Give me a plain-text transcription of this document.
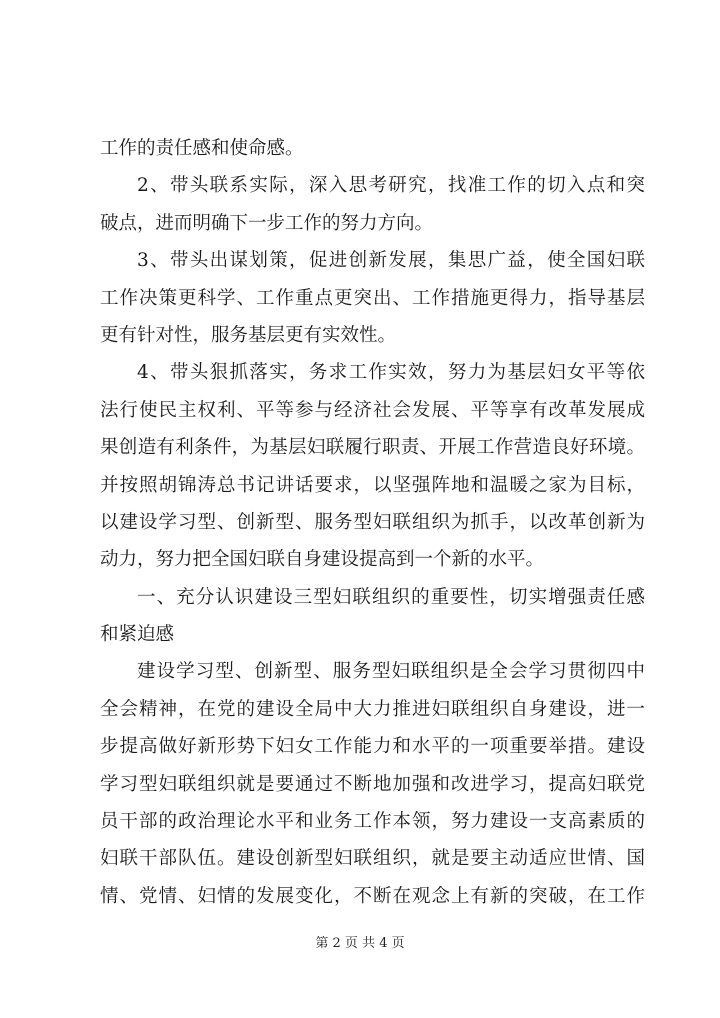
工作的责任感和使命感。
2、带头联系实际，深入思考研究，找准工作的切入点和突
破点，进而明确下一步工作的努力方向。
3、带头出谋划策，促进创新发展，集思广益，使全国妇联
工作决策更科学、工作重点更突出、工作措施更得力，指导基层
更有针对性，服务基层更有实效性。
4、带头狠抓落实，务求工作实效，努力为基层妇女平等依
法行使民主权利、平等参与经济社会发展、平等享有改革发展成
果创造有利条件，为基层妇联履行职责、开展工作营造良好环境。
并按照胡锦涛总书记讲话要求，以坚强阵地和温暖之家为目标，
以建设学习型、创新型、服务型妇联组织为抓手，以改革创新为
动力，努力把全国妇联自身建设提高到一个新的水平。
一、充分认识建设三型妇联组织的重要性，切实增强责任感
和紧迫感
建设学习型、创新型、服务型妇联组织是全会学习贯彻四中
全会精神，在党的建设全局中大力推进妇联组织自身建设，进一
步提高做好新形势下妇女工作能力和水平的一项重要举措。建设
学习型妇联组织就是要通过不断地加强和改进学习，提高妇联党
员干部的政治理论水平和业务工作本领，努力建设一支高素质的
妇联干部队伍。建设创新型妇联组织，就是要主动适应世情、国
情、党情、妇情的发展变化，不断在观念上有新的突破，在工作
第 2 页 共 4 页
